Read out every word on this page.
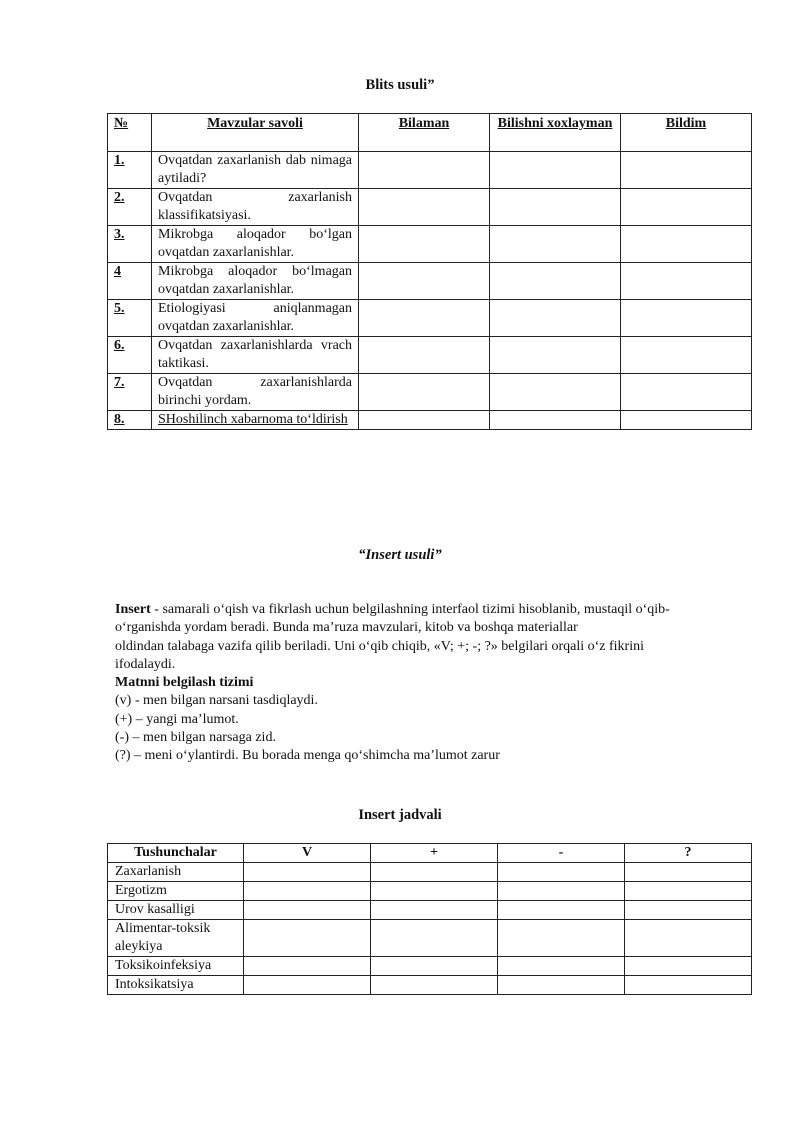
Blits usuli”
№	Mavzular savoli	Bilaman	Bilishni xoxlayman	Bildim
1.	Ovqatdan zaxarlanish dab nimaga aytiladi?			
2.	Ovqatdan zaxarlanish klassifikatsiyasi.			
3.	Mikrobga aloqador bo‘lgan ovqatdan zaxarlanishlar.			
4	Mikrobga aloqador bo‘lmagan ovqatdan zaxarlanishlar.			
5.	Etiologiyasi aniqlanmagan ovqatdan zaxarlanishlar.			
6.	Ovqatdan zaxarlanishlarda vrach taktikasi.			
7.	Ovqatdan zaxarlanishlarda birinchi yordam.			
8.	SHoshilinch xabarnoma to‘ldirish			
“Insert usuli”

Insert - samarali o‘qish va fikrlash uchun belgilashning interfaol tizimi hisoblanib, mustaqil o‘qib-o‘rganishda yordam beradi. Bunda ma’ruza mavzulari, kitob va boshqa materiallar

oldindan talabaga vazifa qilib beriladi. Uni o‘qib chiqib, «V; +; -; ?» belgilari orqali o‘z fikrini ifodalaydi.

Matnni belgilash tizimi

(v) - men bilgan narsani tasdiqlaydi.

(+) – yangi ma’lumot.

(-) – men bilgan narsaga zid.

(?) – meni o‘ylantirdi. Bu borada menga qo‘shimcha ma’lumot zarur

Insert jadvali
Tushunchalar	V	+	-	?
Zaxarlanish				
Ergotizm				
Urov kasalligi				
Alimentar-toksik aleykiya				
Toksikoinfeksiya				
Intoksikatsiya				
